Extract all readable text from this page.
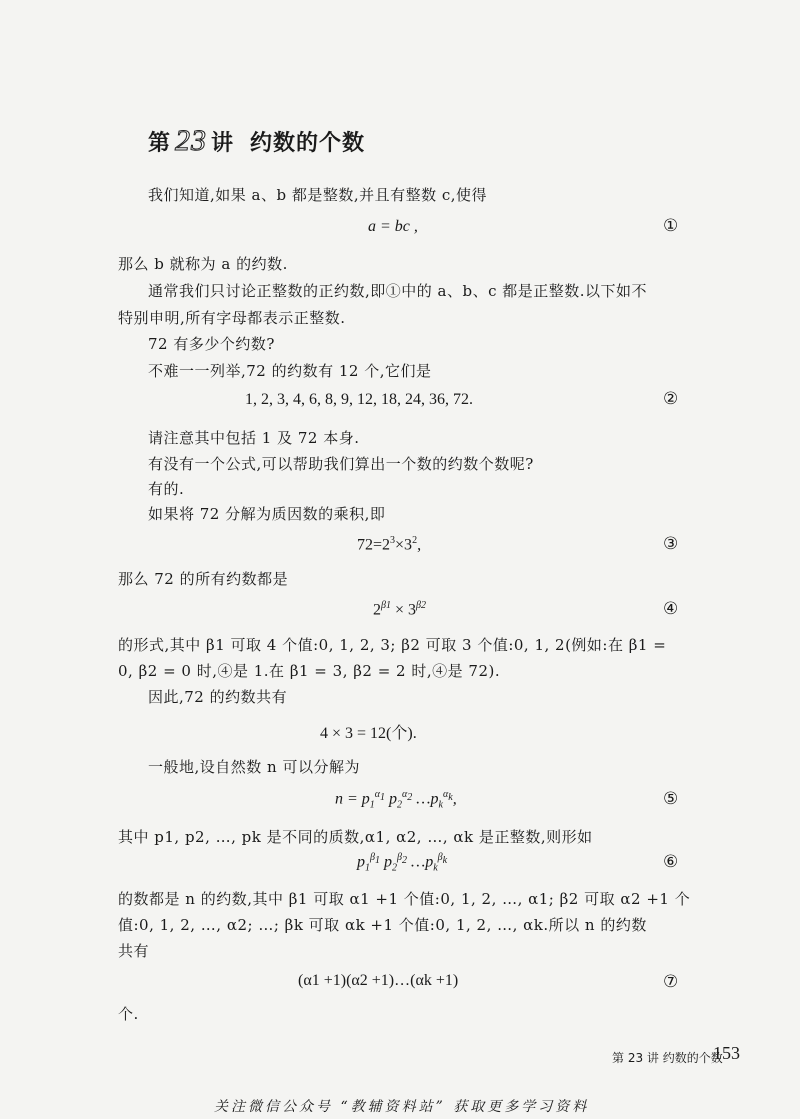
第 23 讲 约数的个数
我们知道,如果 a、b 都是整数,并且有整数 c,使得
a = bc ,	①
那么 b 就称为 a 的约数.
通常我们只讨论正整数的正约数,即①中的 a、b、c 都是正整数.以下如不
特别申明,所有字母都表示正整数.
72 有多少个约数?
不难一一列举,72 的约数有 12 个,它们是
1, 2, 3, 4, 6, 8, 9, 12, 18, 24, 36, 72.	②
请注意其中包括 1 及 72 本身.
有没有一个公式,可以帮助我们算出一个数的约数个数呢?
有的.
如果将 72 分解为质因数的乘积,即
$72=2^3\times 3^2$,	③
那么 72 的所有约数都是
$2^{\beta 1} \times 3^{\beta 2}$	④
的形式,其中 β1 可取 4 个值:0, 1, 2, 3; β2 可取 3 个值:0, 1, 2(例如:在 β1 =
0, β2 = 0 时,④是 1.在 β1 = 3, β2 = 2 时,④是 72).
因此,72 的约数共有
4 × 3 = 12(个).
一般地,设自然数 n 可以分解为
$n = p_1^{\alpha_1}$ $p_2^{\alpha_2}$ $\dots p_k^{\alpha_k}$,	⑤
其中 p1, p2, …, pk 是不同的质数,α1, α2, …, αk 是正整数,则形如
$p_1^{\beta_1}$ $p_2^{\beta_2}$ $\dots p_k^{\beta_k}$	⑥
的数都是 n 的约数,其中 β1 可取 α1 +1 个值:0, 1, 2, …, α1; β2 可取 α2 +1 个
值:0, 1, 2, …, α2; …; βk 可取 αk +1 个值:0, 1, 2, …, αk.所以 n 的约数
共有
(α1 +1)(α2 +1)…(αk +1)	⑦
个.
第 23 讲 约数的个数
153
关注微信公众号 “教辅资料站” 获取更多学习资料
